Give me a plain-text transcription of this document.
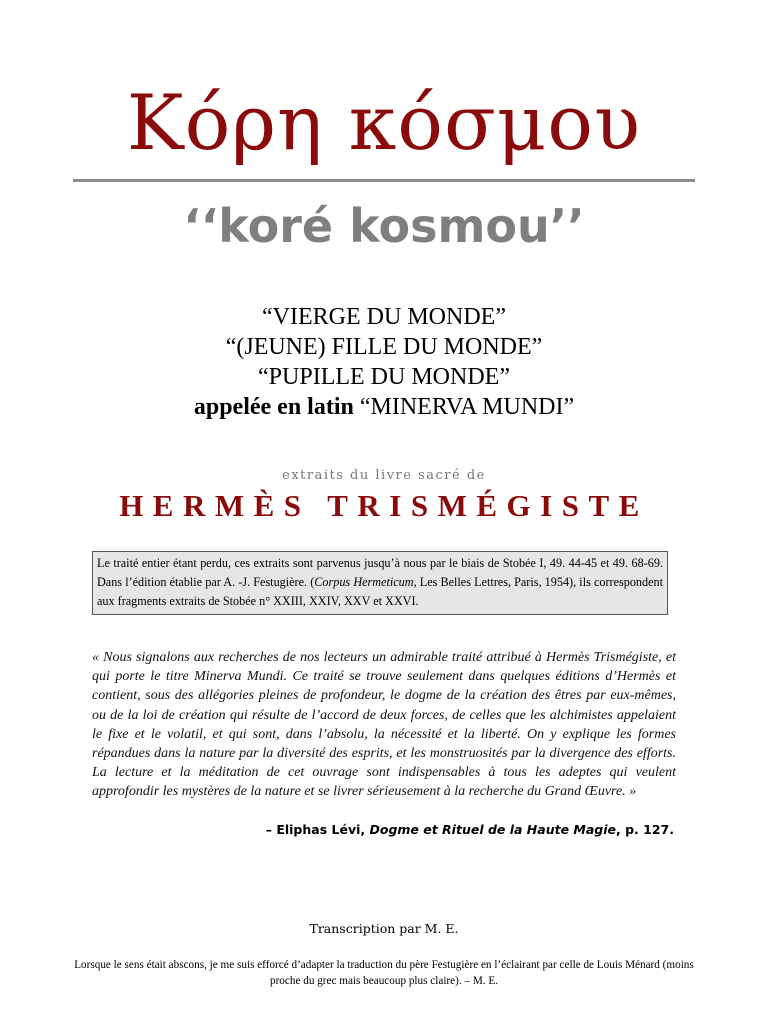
Κόρη κόσμου
‘‘koré kosmou’’
“VIERGE DU MONDE”
“(JEUNE) FILLE DU MONDE”
“PUPILLE DU MONDE”
appelée en latin “MINERVA MUNDI”
extraits du livre sacré de
HERMÈS TRISMÉGISTE
Le traité entier étant perdu, ces extraits sont parvenus jusqu’à nous par le biais de Stobée I, 49. 44-45 et 49. 68-69. Dans l’édition établie par A. -J. Festugière. (Corpus Hermeticum, Les Belles Lettres, Paris, 1954), ils correspondent aux fragments extraits de Stobée n° XXIII, XXIV, XXV et XXVI.
« Nous signalons aux recherches de nos lecteurs un admirable traité attribué à Hermès Trismégiste, et qui porte le titre Minerva Mundi. Ce traité se trouve seulement dans quelques éditions d’Hermès et contient, sous des allégories pleines de profondeur, le dogme de la création des êtres par eux-mêmes, ou de la loi de création qui résulte de l’accord de deux forces, de celles que les alchimistes appelaient le fixe et le volatil, et qui sont, dans l’absolu, la nécessité et la liberté. On y explique les formes répandues dans la nature par la diversité des esprits, et les monstruosités par la divergence des efforts. La lecture et la méditation de cet ouvrage sont indispensables à tous les adeptes qui veulent approfondir les mystères de la nature et se livrer sérieusement à la recherche du Grand Œuvre. »
– Eliphas Lévi, Dogme et Rituel de la Haute Magie, p. 127.
Transcription par M. E.
Lorsque le sens était abscons, je me suis efforcé d’adapter la traduction du père Festugière en l’éclairant par celle de Louis Ménard (moins proche du grec mais beaucoup plus claire). – M. E.
